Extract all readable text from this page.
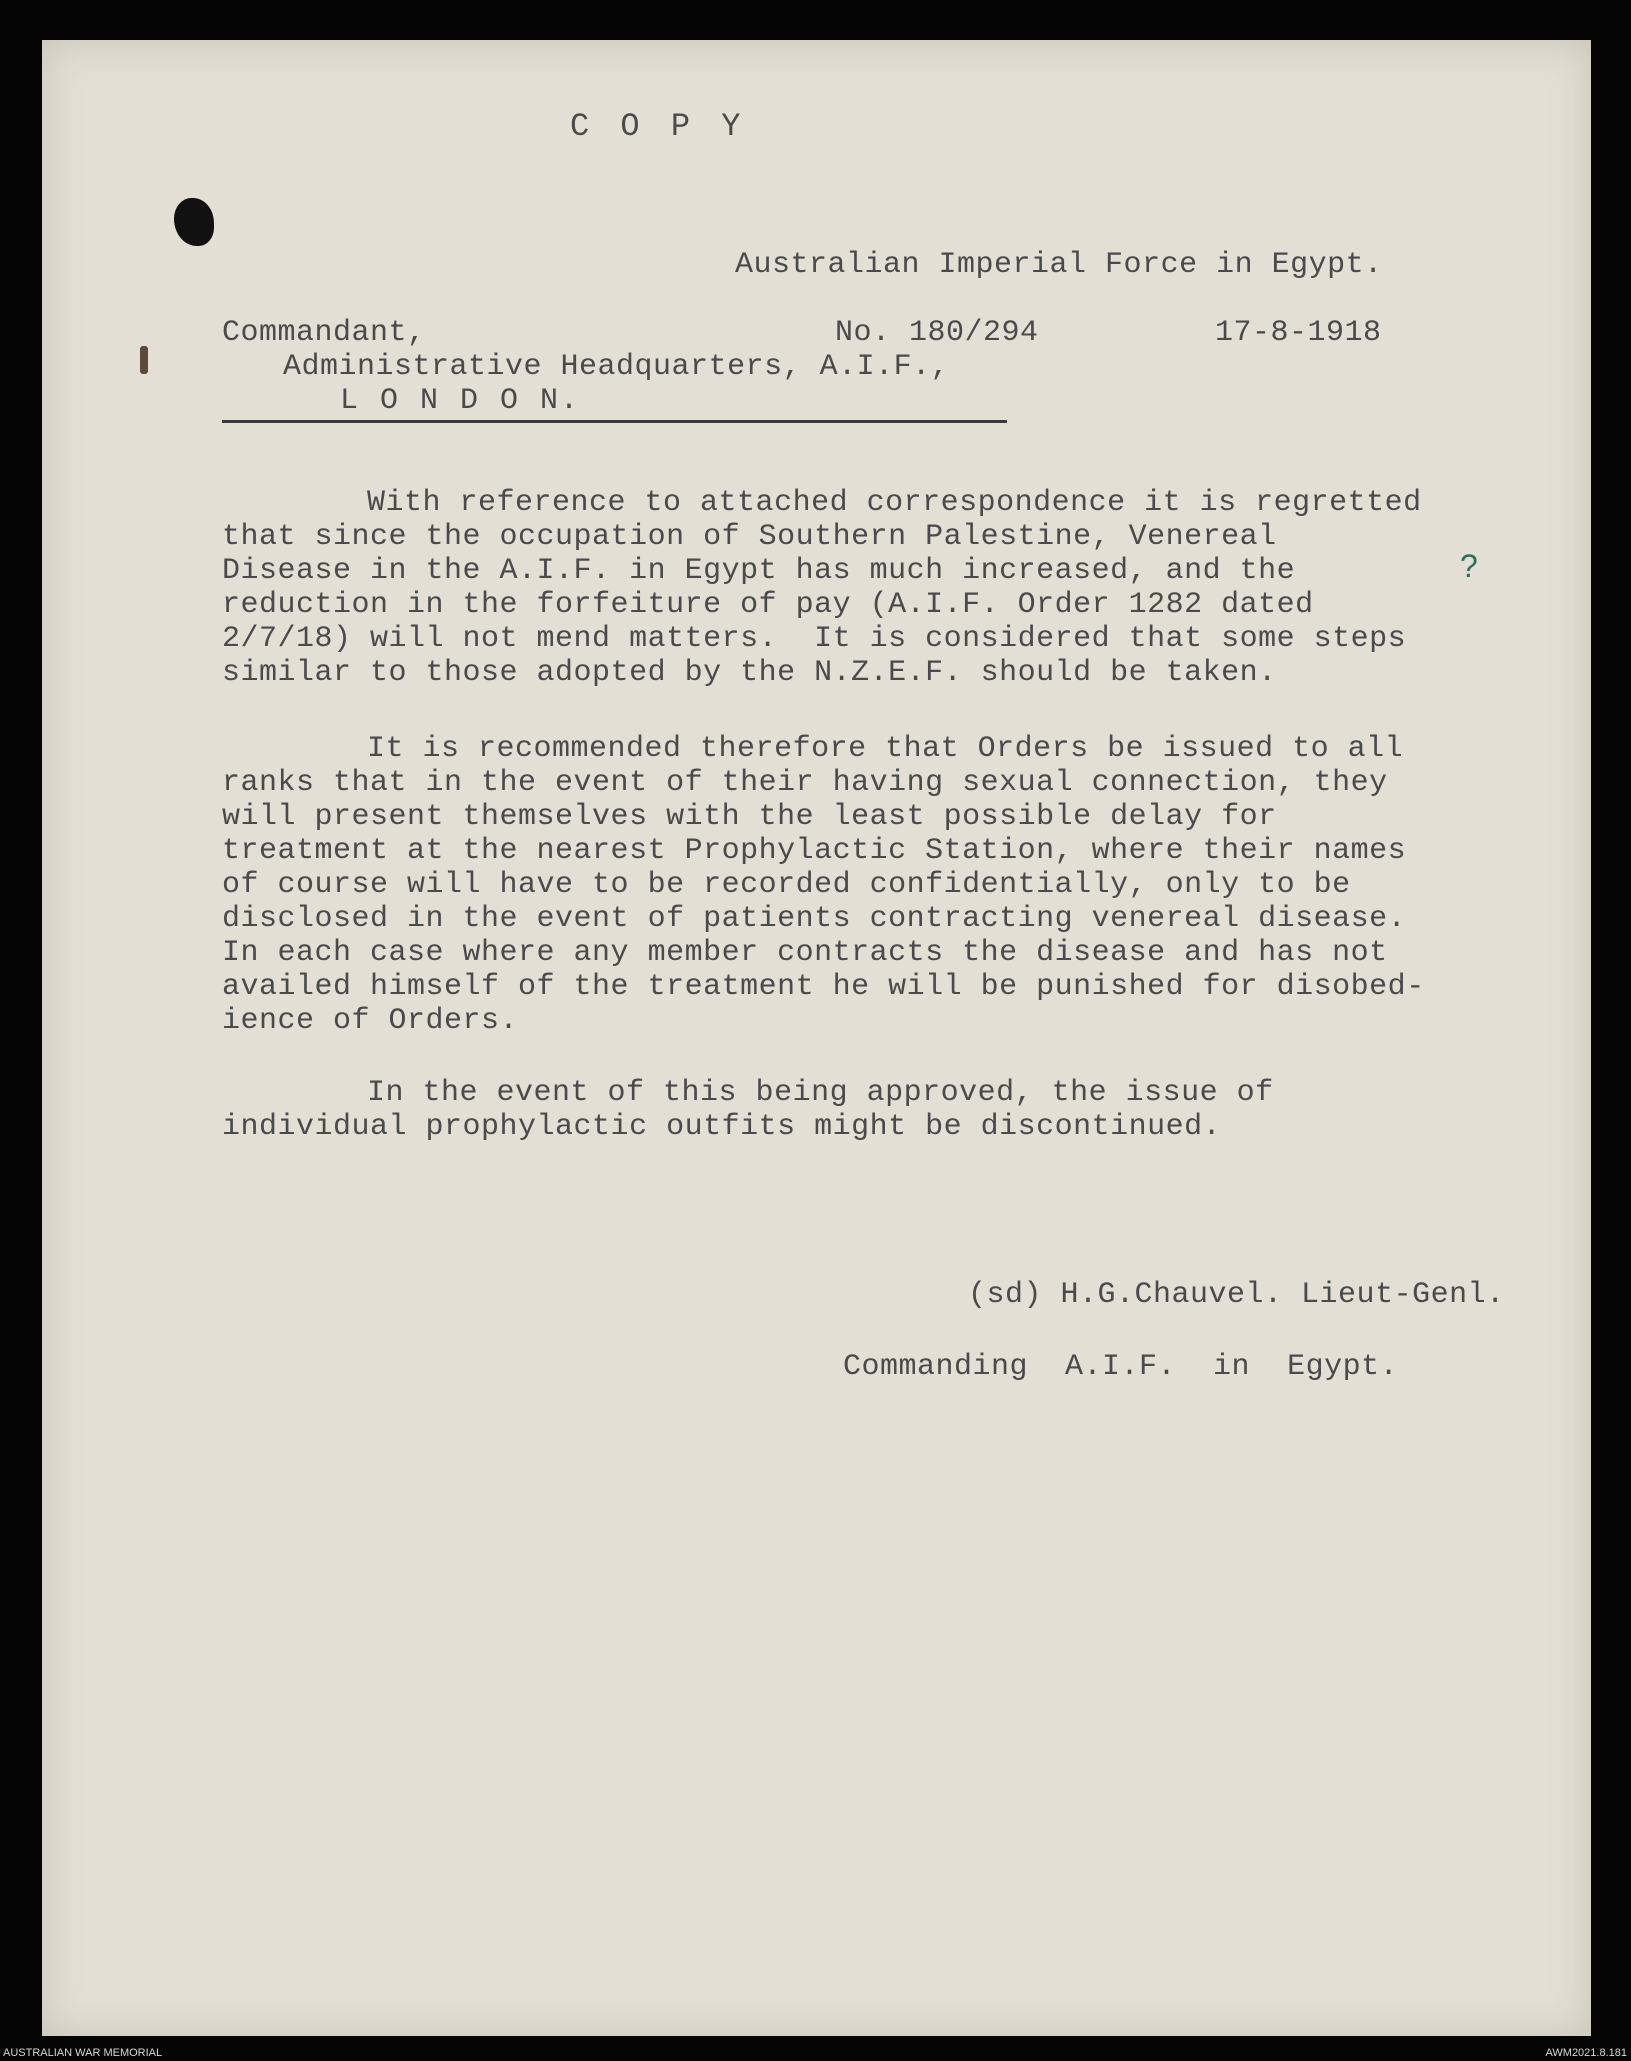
C O P Y
Australian Imperial Force in Egypt.
Commandant,	No. 180/294	17-8-1918
Administrative Headquarters, A.I.F.,
L O N D O N.
With reference to attached correspondence it is regretted
that since the occupation of Southern Palestine, Venereal
Disease in the A.I.F. in Egypt has much increased, and the
reduction in the forfeiture of pay (A.I.F. Order 1282 dated
2/7/18) will not mend matters.  It is considered that some steps
similar to those adopted by the N.Z.E.F. should be taken.
?
It is recommended therefore that Orders be issued to all
ranks that in the event of their having sexual connection, they
will present themselves with the least possible delay for
treatment at the nearest Prophylactic Station, where their names
of course will have to be recorded confidentially, only to be
disclosed in the event of patients contracting venereal disease.
In each case where any member contracts the disease and has not
availed himself of the treatment he will be punished for disobed-
ience of Orders.
In the event of this being approved, the issue of
individual prophylactic outfits might be discontinued.
(sd) H.G.Chauvel. Lieut-Genl.
Commanding  A.I.F.  in  Egypt.
AUSTRALIAN WAR MEMORIAL	AWM2021.8.181
